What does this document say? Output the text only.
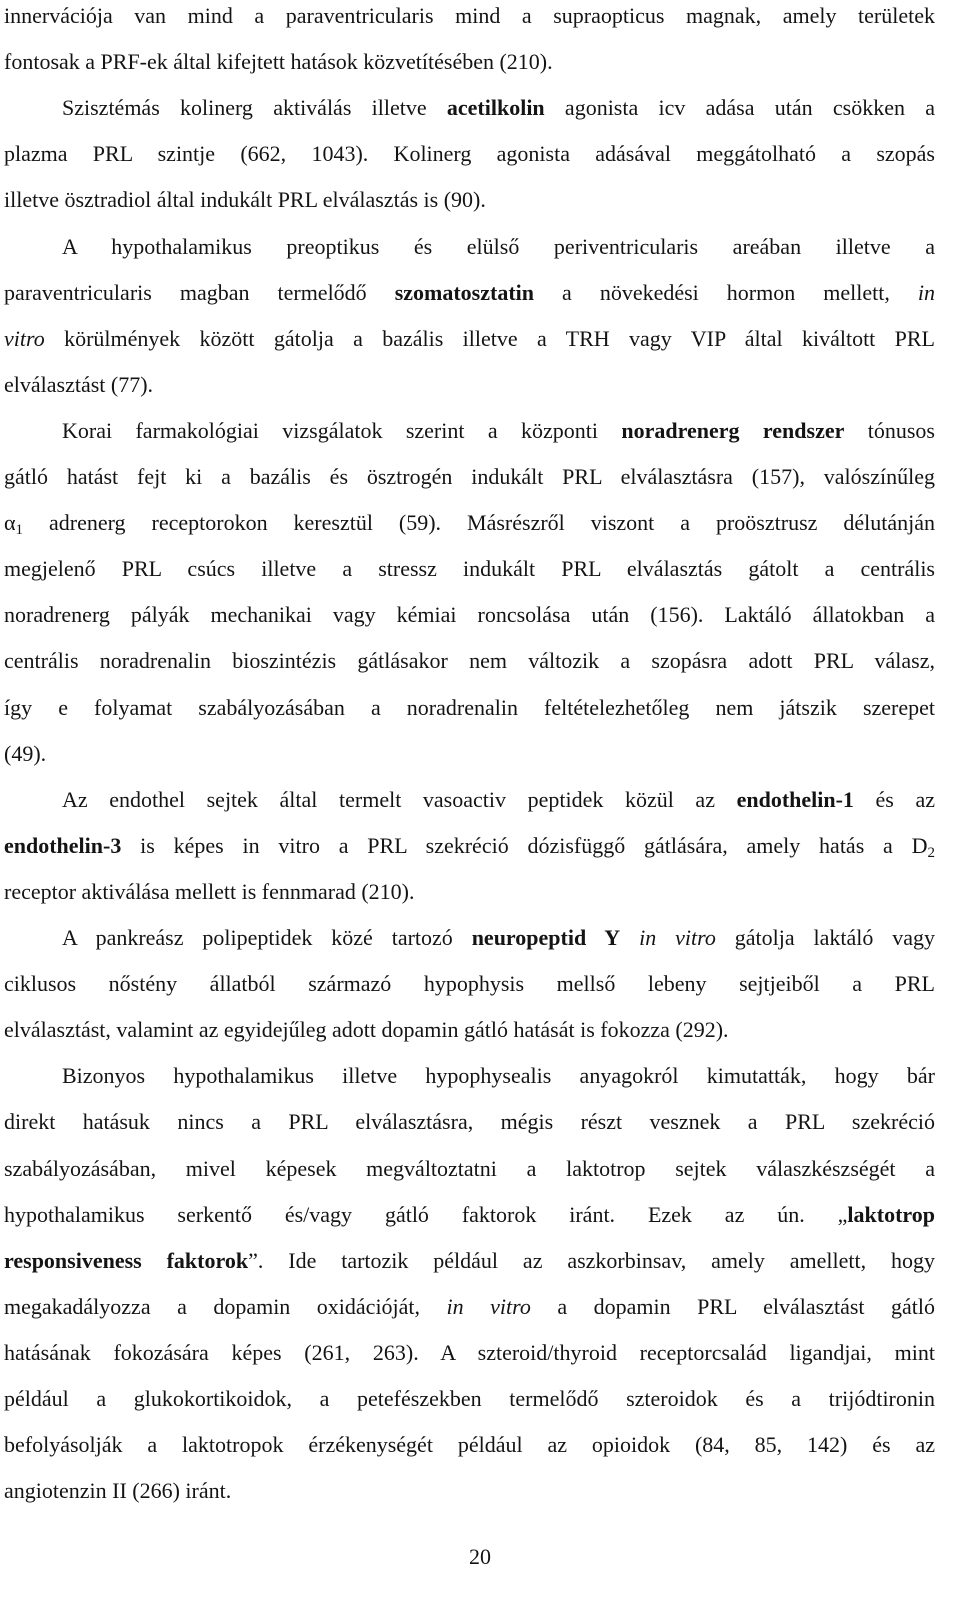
innervációja van mind a paraventricularis mind a supraopticus magnak, amely területek
fontosak a PRF-ek által kifejtett hatások közvetítésében (210).
Szisztémás kolinerg aktiválás illetve acetilkolin agonista icv adása után csökken a
plazma PRL szintje (662, 1043). Kolinerg agonista adásával meggátolható a szopás
illetve ösztradiol által indukált PRL elválasztás is (90).
A hypothalamikus preoptikus és elülső periventricularis areában illetve a
paraventricularis magban termelődő szomatosztatin a növekedési hormon mellett, in
vitro körülmények között gátolja a bazális illetve a TRH vagy VIP által kiváltott PRL
elválasztást (77).
Korai farmakológiai vizsgálatok szerint a központi noradrenerg rendszer tónusos
gátló hatást fejt ki a bazális és ösztrogén indukált PRL elválasztásra (157), valószínűleg
$\alpha_1$ adrenerg receptorokon keresztül (59). Másrészről viszont a proösztrusz délutánján
megjelenő PRL csúcs illetve a stressz indukált PRL elválasztás gátolt a centrális
noradrenerg pályák mechanikai vagy kémiai roncsolása után (156). Laktáló állatokban a
centrális noradrenalin bioszintézis gátlásakor nem változik a szopásra adott PRL válasz,
így e folyamat szabályozásában a noradrenalin feltételezhetőleg nem játszik szerepet
(49).
Az endothel sejtek által termelt vasoactiv peptidek közül az endothelin-1 és az
endothelin-3 is képes in vitro a PRL szekréció dózisfüggő gátlására, amely hatás a $D_2$
receptor aktiválása mellett is fennmarad (210).
A pankreász polipeptidek közé tartozó neuropeptid Y in vitro gátolja laktáló vagy
ciklusos nőstény állatból származó hypophysis mellső lebeny sejtjeiből a PRL
elválasztást, valamint az egyidejűleg adott dopamin gátló hatását is fokozza (292).
Bizonyos hypothalamikus illetve hypophysealis anyagokról kimutatták, hogy bár
direkt hatásuk nincs a PRL elválasztásra, mégis részt vesznek a PRL szekréció
szabályozásában, mivel képesek megváltoztatni a laktotrop sejtek válaszkészségét a
hypothalamikus serkentő és/vagy gátló faktorok iránt. Ezek az ún. „laktotrop
responsiveness faktorok”. Ide tartozik például az aszkorbinsav, amely amellett, hogy
megakadályozza a dopamin oxidációját, in vitro a dopamin PRL elválasztást gátló
hatásának fokozására képes (261, 263). A szteroid/thyroid receptorcsalád ligandjai, mint
például a glukokortikoidok, a petefészekben termelődő szteroidok és a trijódtironin
befolyásolják a laktotropok érzékenységét például az opioidok (84, 85, 142) és az
angiotenzin II (266) iránt.
20
